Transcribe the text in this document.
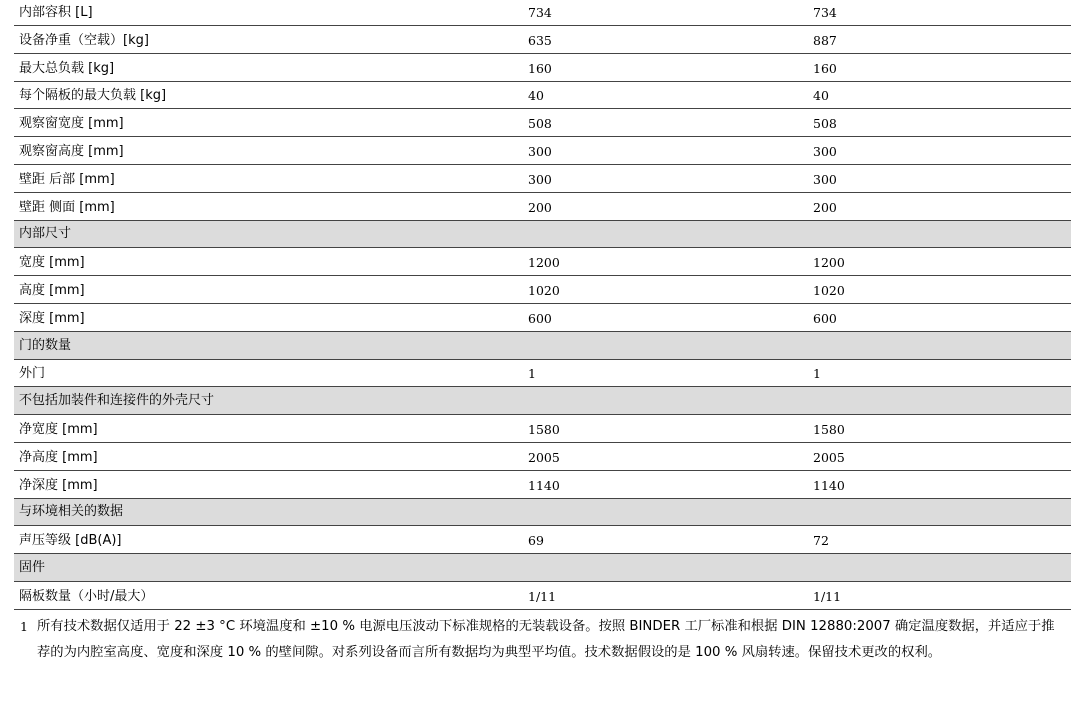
内部容积 [L]	734	734
设备净重（空载）[kg]	635	887
最大总负载 [kg]	160	160
每个隔板的最大负载 [kg]	40	40
观察窗宽度 [mm]	508	508
观察窗高度 [mm]	300	300
壁距 后部 [mm]	300	300
壁距 侧面 [mm]	200	200
内部尺寸
宽度 [mm]	1200	1200
高度 [mm]	1020	1020
深度 [mm]	600	600
门的数量
外门	1	1
不包括加装件和连接件的外壳尺寸
净宽度 [mm]	1580	1580
净高度 [mm]	2005	2005
净深度 [mm]	1140	1140
与环境相关的数据
声压等级 [dB(A)]	69	72
固件
隔板数量（小时/最大）	1/11	1/11
1 所有技术数据仅适用于 22 ±3 °C 环境温度和 ±10 % 电源电压波动下标准规格的无装载设备。按照 BINDER 工厂标准和根据 DIN 12880:2007 确定温度数据，并适应于推荐的为内腔室高度、宽度和深度 10 % 的壁间隙。对系列设备而言所有数据均为典型平均值。技术数据假设的是 100 % 风扇转速。保留技术更改的权利。
